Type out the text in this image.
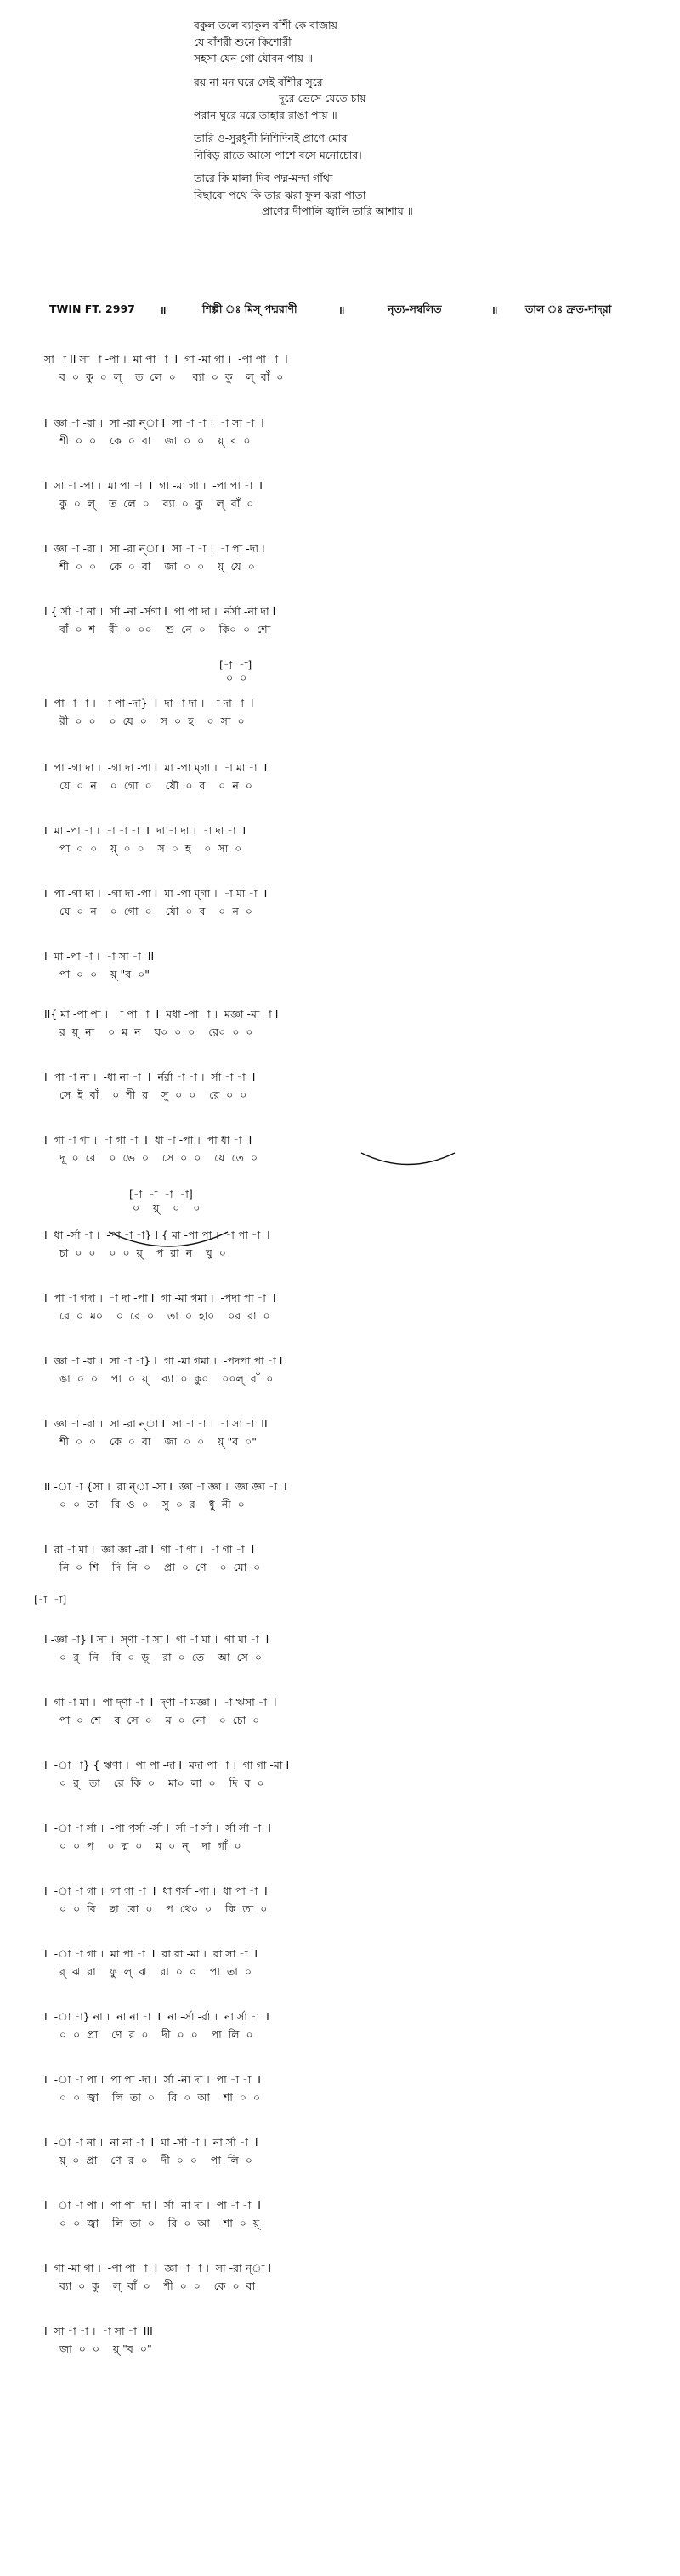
বকুল তলে ব্যাকুল বাঁশী কে বাজায়
যে বাঁশরী শুনে কিশোরী
সহসা যেন গো যৌবন পায় ॥
রয় না মন ঘরে সেই বাঁশীর সুরে
দূরে ভেসে যেতে চায়
পরান ঘুরে মরে তাহার রাঙা পায় ॥
তারি ও-সুরধুনী নিশিদিনই প্রাণে মোর
নিবিড় রাতে আসে পাশে বসে মনোচোর।
তারে কি মালা দিব পদ্ম-মন্দা গাঁথা
বিছাবো পথে কি তার ঝরা ফুল ঝরা পাতা
প্রাণের দীপালি জ্বালি তারি আশায় ॥
TWIN FT. 2997 ॥	শিল্পী ঃ মিস্ পদ্মরাণী	॥	নৃত্য-সম্বলিত	॥	তাল ঃ দ্রুত-দাদ্‌রা
সা -া II সা -া -পা ।  মা পা -া  I  গা -মা গা ।  -পা পা -া  I
ব  ০  কু  ০  ল্    ত  লে  ০     ব্যা  ০  কু    ল্  বাঁ  ০
I  জ্ঞা -া -রা ।  সা -রা ন্‌া I  সা -া -া ।  -া সা -া  I
শী  ০  ০    কে  ০  বা    জা  ০  ০    য়্  ব  ০
I  সা -া -পা ।  মা পা -া  I  গা -মা গা ।  -পা পা -া  I
কু  ০  ল্    ত  লে  ০    ব্যা  ০  কু    ল্  বাঁ  ০
I  জ্ঞা -া -রা ।  সা -রা ন্‌া I  সা -া -া ।  -া পা -দা I
শী  ০  ০    কে  ০  বা    জা  ০  ০    য়্  যে  ০
I { র্সা -া না ।  র্সা -না -র্সগা I  পা পা দা ।  র্নর্সা -না দা I
বাঁ  ০  শ    রী  ০  ০০    শু  নে  ০    কি০  ০  শো
I  পা -া -া ।  -া পা -দা}  I  দা -া দা ।  -া দা -া  I
রী  ০  ০    ০  যে  ০    স  ০  হ    ০  সা  ০
I  পা -গা দা ।  -গা দা -পা I  মা -পা ম্গা ।  -া মা -া  I
যে  ০  ন    ০  গো  ০    যৌ  ০  ব    ০  ন  ০
I  মা -পা -া ।  -া -া -া  I  দা -া দা ।  -া দা -া  I
পা  ০  ০    য়্  ০  ০    স  ০  হ    ০  সা  ০
I  পা -গা দা ।  -গা দা -পা I  মা -পা ম্গা ।  -া মা -া  I
যে  ০  ন    ০  গো  ০    যৌ  ০  ব    ০  ন  ০
I  মা -পা -া ।  -া সা -া  II
পা  ০  ০    য়্ "ব  ০"
II{ মা -পা পা ।  -া পা -া  I  মধা -পা -া ।  মজ্ঞা -মা -া I
র  য়্  না    ০  ম  ন    ঘ০  ০  ০    রে০  ০  ০
I  পা -া না ।  -ধা না -া  I  র্নর্রা -া -া ।  র্সা -া -া  I
সে  ই  বাঁ    ০  শী  র    সু  ০  ০    রে  ০  ০
I  গা -া গা ।  -া গা -া  I  ধা -া -পা ।  পা ধা -া  I
দূ  ০  রে    ০  ভে  ০    সে  ০  ০    যে  তে  ০
I  ধা -র্সা -া ।  -পা -া -া} I { মা -পা পা ।  -া পা -া  I
চা  ০  ০    ০  ০  য়্    প  রা  ন    ঘু  ০
I  পা -া গদা ।  -া দা -পা I  গা -মা গমা ।  -পদা পা -া  I
রে  ০  ম০    ০  রে  ০    তা  ০  হা০    ০র  রা  ০
I  জ্ঞা -া -রা ।  সা -া -া} I  গা -মা গমা ।  -পদপা পা -া I
ঙা  ০  ০    পা  ০  য়্    ব্যা  ০  কু০    ০০ল্  বাঁ  ০
I  জ্ঞা -া -রা ।  সা -রা ন্‌া I  সা -া -া ।  -া সা -া  II
শী  ০  ০    কে  ০  বা    জা  ০  ০    য়্ "ব  ০"
II -া -া {সা ।  রা ন্‌া -সা I  জ্ঞা -া জ্ঞা ।  জ্ঞা জ্ঞা -া  I
০  ০  তা    রি  ও  ০    সু  ০  র    ধু  নী  ০
I  রা -া মা ।  জ্ঞা জ্ঞা -রা I  গা -া গা ।  -া গা -া  I
নি  ০  শি    দি  নি  ০    প্রা  ০  ণে    ০  মো  ০
I -জ্ঞা -া} I সা ।  স্ণা -া সা I  গা -া মা ।  গা মা -া  I
০  র্   নি    বি  ০  ড়্    রা  ০  তে    আ  সে  ০
I  গা -া মা ।  পা দ্ণা -া  I  দ্ণা -া মজ্ঞা ।  -া ঋসা -া  I
পা  ০  শে    ব  সে  ০    ম  ০  নো    ০  চো  ০
I  -া -া} { ঋণা ।  পা পা -দা I  মদা পা -া ।  গা গা -মা I
০  র্   তা    রে  কি  ০    মা০  লা  ০    দি  ব  ০
I  -া -া র্সা ।  -পা পর্সা -র্সা I  র্সা -া র্সা ।  র্সা র্সা -া  I
০  ০  প    ০  দ্ম  ০    ম  ০  ন্    দা  গাঁ  ০
I  -া -া গা ।  গা গা -া  I  ধা ণর্সা -গা ।  ধা পা -া  I
০  ০  বি    ছা  বো  ০    প  থে০  ০    কি  তা  ০
I  -া -া গা ।  মা পা -া  I  রা রা -মা ।  রা সা -া  I
র্  ঝ  রা    ফু  ল্  ঝ    রা  ০  ০    পা  তা  ০
I  -া -া} না ।  না না -া  I  না -র্সা -র্রা ।  না র্সা -া  I
০  ০  প্রা    ণে  র  ০    দী  ০  ০    পা  লি  ০
I  -া -া পা ।  পা পা -দা I  র্সা -না দা ।  পা -া -া  I
০  ০  জ্বা    লি  তা  ০    রি  ০  আ    শা  ০  ০
I  -া -া না ।  না না -া  I  মা -র্সা -া ।  না র্সা -া  I
য়্  ০  প্রা    ণে  র  ০    দী  ০  ০    পা  লি  ০
I  -া -া পা ।  পা পা -দা I  র্সা -না দা ।  পা -া -া  I
০  ০  জ্বা    লি  তা  ০    রি  ০  আ    শা  ০  য়্
I  গা -মা গা ।  -পা পা -া  I  জ্ঞা -া -া ।  সা -রা ন্‌া I
ব্যা  ০  কু    ল্  বাঁ  ০    শী  ০  ০    কে  ০  বা
I  সা -া -া ।  -া সা -া  III
জা  ০  ০    য়্ "ব  ০"
[-া  -া]
০  ০
[-া  -া  -া  -া]
০    য়্    ০    ০
[-া  -া]
